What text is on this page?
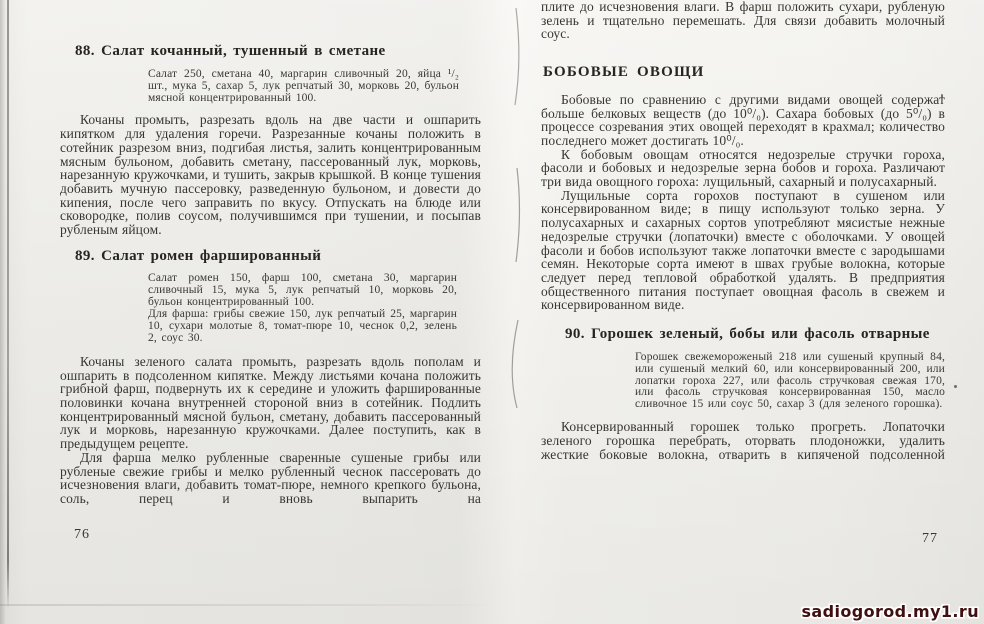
88. Салат кочанный, тушенный в сметане

Салат 250, сметана 40, маргарин сливочный 20, яйца ¹/₂ шт., мука 5, сахар 5, лук репчатый 30, морковь 20, бульон мясной концентрированный 100.

Кочаны промыть, разрезать вдоль на две части и ошпарить кипятком для удаления горечи. Разрезанные кочаны положить в сотейник разрезом вниз, подгибая листья, залить концентрированным мясным бульоном, добавить сметану, пассерованный лук, морковь, нарезанную кружочками, и тушить, закрыв крышкой. В конце тушения добавить мучную пассеровку, разведенную бульоном, и довести до кипения, после чего заправить по вкусу. Отпускать на блюде или сковородке, полив соусом, получившимся при тушении, и посыпав рубленым яйцом.

89. Салат ромен фаршированный

Салат ромен 150, фарш 100, сметана 30, маргарин сливочный 15, мука 5, лук репчатый 10, морковь 20, бульон концентрированный 100.

Для фарша: грибы свежие 150, лук репчатый 25, маргарин 10, сухари молотые 8, томат-пюре 10, чеснок 0,2, зелень 2, соус 30.

Кочаны зеленого салата промыть, разрезать вдоль пополам и ошпарить в подсоленном кипятке. Между листьями кочана положить грибной фарш, подвернуть их к середине и уложить фаршированные половинки кочана внутренней стороной вниз в сотейник. Подлить концентрированный мясной бульон, сметану, добавить пассерованный лук и морковь, нарезанную кружочками. Далее поступить, как в предыдущем рецепте.

Для фарша мелко рубленные сваренные сушеные грибы или рубленые свежие грибы и мелко рубленный чеснок пассеровать до исчезновения влаги, добавить томат-пюре, немного крепкого бульона, соль, перец и вновь выпарить на

76

плите до исчезновения влаги. В фарш положить сухари, рубленую зелень и тщательно перемешать. Для связи добавить молочный соус.

БОБОВЫЕ ОВОЩИ

Бобовые по сравнению с другими видами овощей содержат больше белковых веществ (до 10⁰/₀). Сахара бобовых (до 5⁰/₀) в процессе созревания этих овощей переходят в крахмал; количество последнего может достигать 10⁰/₀.

К бобовым овощам относятся недозрелые стручки гороха, фасоли и бобовых и недозрелые зерна бобов и гороха. Различают три вида овощного гороха: лущильный, сахарный и полусахарный.

Лущильные сорта горохов поступают в сушеном или консервированном виде; в пищу используют только зерна. У полусахарных и сахарных сортов употребляют мясистые нежные недозрелые стручки (лопаточки) вместе с оболочками. У овощей фасоли и бобов используют также лопаточки вместе с зародышами семян. Некоторые сорта имеют в швах грубые волокна, которые следует перед тепловой обработкой удалять. В предприятия общественного питания поступает овощная фасоль в свежем и консервированном виде.

90. Горошек зеленый, бобы или фасоль отварные

Горошек свежемороженый 218 или сушеный крупный 84, или сушеный мелкий 60, или консервированный 200, или лопатки гороха 227, или фасоль стручковая свежая 170, или фасоль стручковая консервированная 150, масло сливочное 15 или соус 50, сахар 3 (для зеленого горошка).

Консервированный горошек только прогреть. Лопаточки зеленого горошка перебрать, оторвать плодоножки, удалить жесткие боковые волокна, отварить в кипяченой подсоленной

77
sadiogorod.my1.ru
